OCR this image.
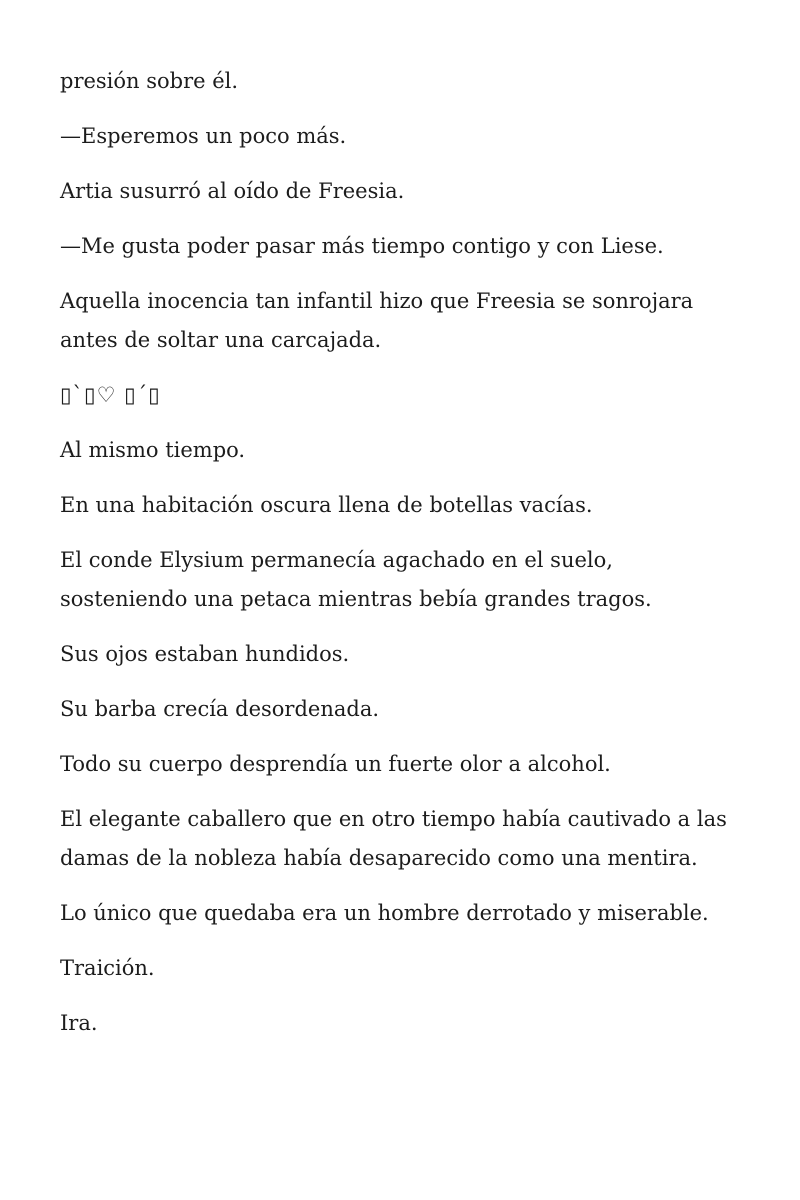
presión sobre él.

—Esperemos un poco más.

Artia susurró al oído de Freesia.

—Me gusta poder pasar más tiempo contigo y con Liese.

Aquella inocencia tan infantil hizo que Freesia se sonrojara antes de soltar una carcajada.

▯`▯♡ ▯´▯

Al mismo tiempo.

En una habitación oscura llena de botellas vacías.

El conde Elysium permanecía agachado en el suelo, sosteniendo una petaca mientras bebía grandes tragos.

Sus ojos estaban hundidos.

Su barba crecía desordenada.

Todo su cuerpo desprendía un fuerte olor a alcohol.

El elegante caballero que en otro tiempo había cautivado a las damas de la nobleza había desaparecido como una mentira.

Lo único que quedaba era un hombre derrotado y miserable.

Traición.

Ira.
